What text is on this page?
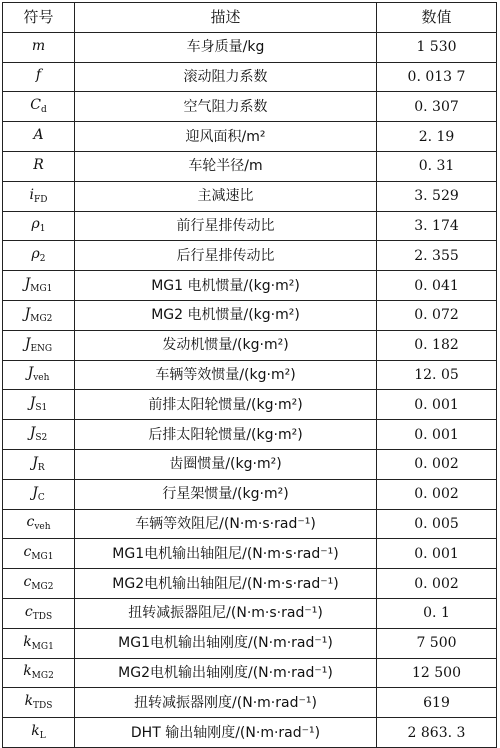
符号	描述	数值
m	车身质量/kg	1 530
f	滚动阻力系数	0. 013 7
$C_d$	空气阻力系数	0. 307
A	迎风面积/m²	2. 19
R	车轮半径/m	0. 31
$i_{FD}$	主减速比	3. 529
$\rho_1$	前行星排传动比	3. 174
$\rho_2$	后行星排传动比	2. 355
$J_{MG1}$	MG1 电机惯量/(kg·m²)	0. 041
$J_{MG2}$	MG2 电机惯量/(kg·m²)	0. 072
$J_{ENG}$	发动机惯量/(kg·m²)	0. 182
$J_{veh}$	车辆等效惯量/(kg·m²)	12. 05
$J_{S1}$	前排太阳轮惯量/(kg·m²)	0. 001
$J_{S2}$	后排太阳轮惯量/(kg·m²)	0. 001
$J_R$	齿圈惯量/(kg·m²)	0. 002
$J_C$	行星架惯量/(kg·m²)	0. 002
$c_{veh}$	车辆等效阻尼/(N·m·s·rad⁻¹)	0. 005
$c_{MG1}$	MG1电机输出轴阻尼/(N·m·s·rad⁻¹)	0. 001
$c_{MG2}$	MG2电机输出轴阻尼/(N·m·s·rad⁻¹)	0. 002
$c_{TDS}$	扭转减振器阻尼/(N·m·s·rad⁻¹)	0. 1
$k_{MG1}$	MG1电机输出轴刚度/(N·m·rad⁻¹)	7 500
$k_{MG2}$	MG2电机输出轴刚度/(N·m·rad⁻¹)	12 500
$k_{TDS}$	扭转减振器刚度/(N·m·rad⁻¹)	619
$k_L$	DHT 输出轴刚度/(N·m·rad⁻¹)	2 863. 3
